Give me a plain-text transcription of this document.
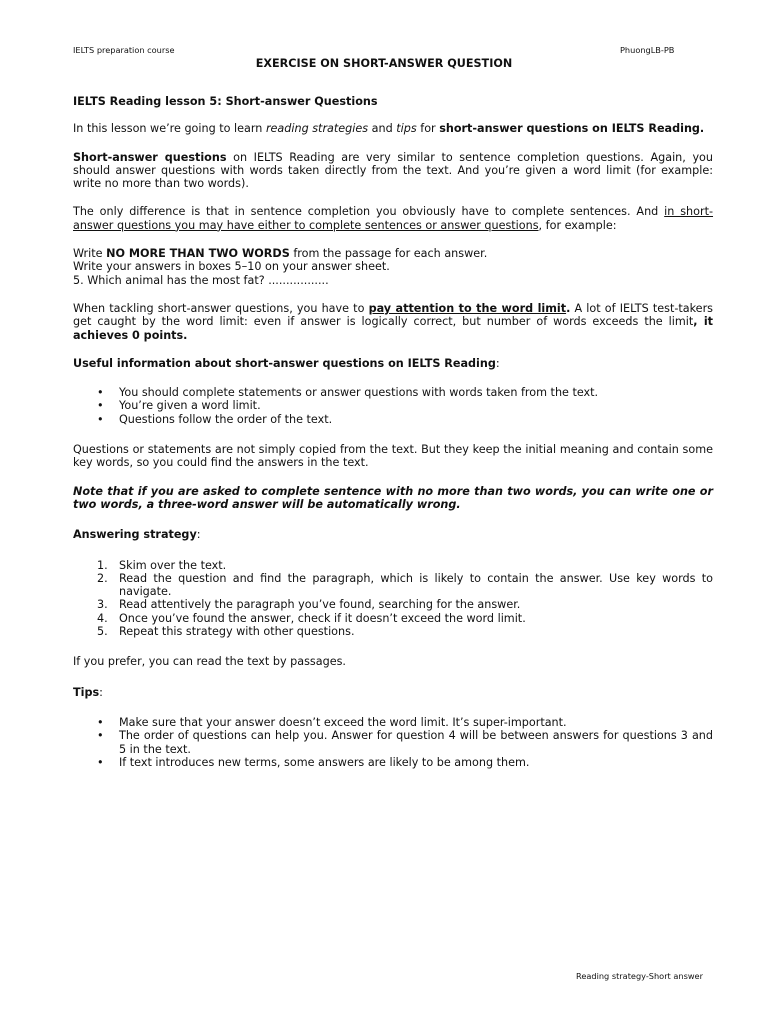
IELTS preparation course	PhuongLB-PB
EXERCISE ON SHORT-ANSWER QUESTION

IELTS Reading lesson 5: Short-answer Questions

In this lesson we’re going to learn reading strategies and tips for short-answer questions on IELTS Reading.

Short-answer questions on IELTS Reading are very similar to sentence completion questions. Again, you should answer questions with words taken directly from the text. And you’re given a word limit (for example: write no more than two words).

The only difference is that in sentence completion you obviously have to complete sentences. And in short-answer questions you may have either to complete sentences or answer questions, for example:

Write NO MORE THAN TWO WORDS from the passage for each answer.
Write your answers in boxes 5–10 on your answer sheet.
5. Which animal has the most fat? .................

When tackling short-answer questions, you have to pay attention to the word limit. A lot of IELTS test-takers get caught by the word limit: even if answer is logically correct, but number of words exceeds the limit, it achieves 0 points.

Useful information about short-answer questions on IELTS Reading:

• You should complete statements or answer questions with words taken from the text.
• You’re given a word limit.
• Questions follow the order of the text.

Questions or statements are not simply copied from the text. But they keep the initial meaning and contain some key words, so you could find the answers in the text.

Note that if you are asked to complete sentence with no more than two words, you can write one or two words, a three-word answer will be automatically wrong.

Answering strategy:

1. Skim over the text.
2. Read the question and find the paragraph, which is likely to contain the answer. Use key words to navigate.
3. Read attentively the paragraph you’ve found, searching for the answer.
4. Once you’ve found the answer, check if it doesn’t exceed the word limit.
5. Repeat this strategy with other questions.

If you prefer, you can read the text by passages.

Tips:

• Make sure that your answer doesn’t exceed the word limit. It’s super-important.
• The order of questions can help you. Answer for question 4 will be between answers for questions 3 and 5 in the text.
• If text introduces new terms, some answers are likely to be among them.
Reading strategy-Short answer
